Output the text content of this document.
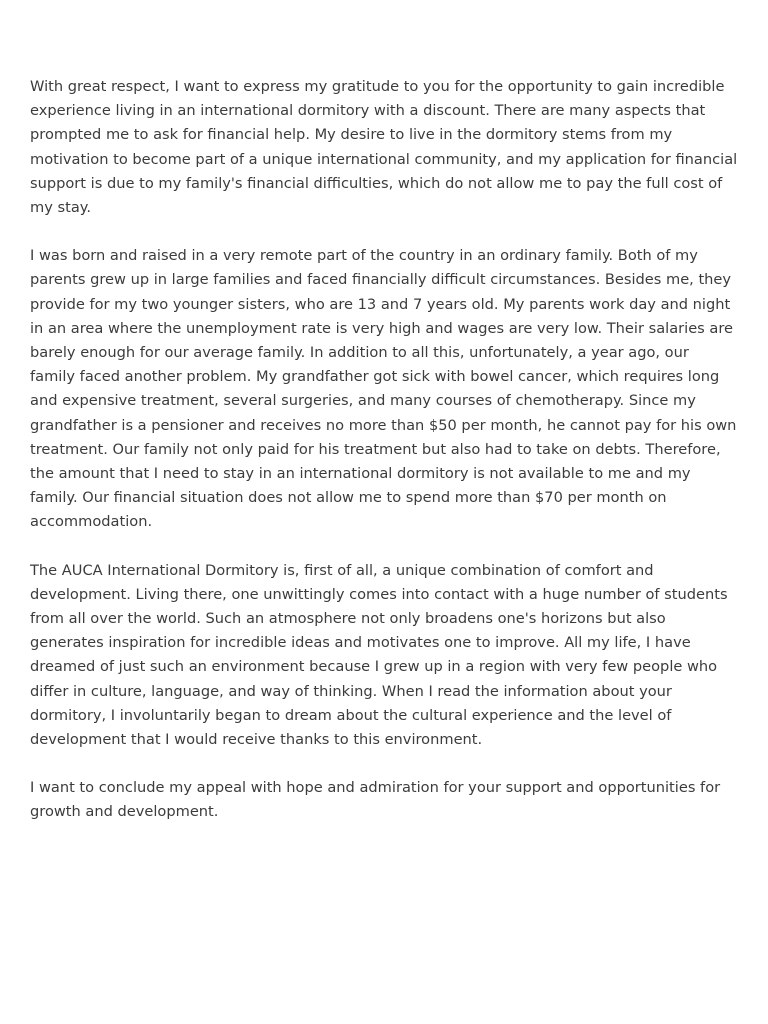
With great respect, I want to express my gratitude to you for the opportunity to gain incredible experience living in an international dormitory with a discount. There are many aspects that prompted me to ask for financial help. My desire to live in the dormitory stems from my motivation to become part of a unique international community, and my application for financial support is due to my family's financial difficulties, which do not allow me to pay the full cost of my stay.

I was born and raised in a very remote part of the country in an ordinary family. Both of my parents grew up in large families and faced financially difficult circumstances. Besides me, they provide for my two younger sisters, who are 13 and 7 years old. My parents work day and night in an area where the unemployment rate is very high and wages are very low. Their salaries are barely enough for our average family. In addition to all this, unfortunately, a year ago, our family faced another problem. My grandfather got sick with bowel cancer, which requires long and expensive treatment, several surgeries, and many courses of chemotherapy. Since my grandfather is a pensioner and receives no more than $50 per month, he cannot pay for his own treatment. Our family not only paid for his treatment but also had to take on debts. Therefore, the amount that I need to stay in an international dormitory is not available to me and my family. Our financial situation does not allow me to spend more than $70 per month on accommodation.

The AUCA International Dormitory is, first of all, a unique combination of comfort and development. Living there, one unwittingly comes into contact with a huge number of students from all over the world. Such an atmosphere not only broadens one's horizons but also generates inspiration for incredible ideas and motivates one to improve. All my life, I have dreamed of just such an environment because I grew up in a region with very few people who differ in culture, language, and way of thinking. When I read the information about your dormitory, I involuntarily began to dream about the cultural experience and the level of development that I would receive thanks to this environment.

I want to conclude my appeal with hope and admiration for your support and opportunities for growth and development.
